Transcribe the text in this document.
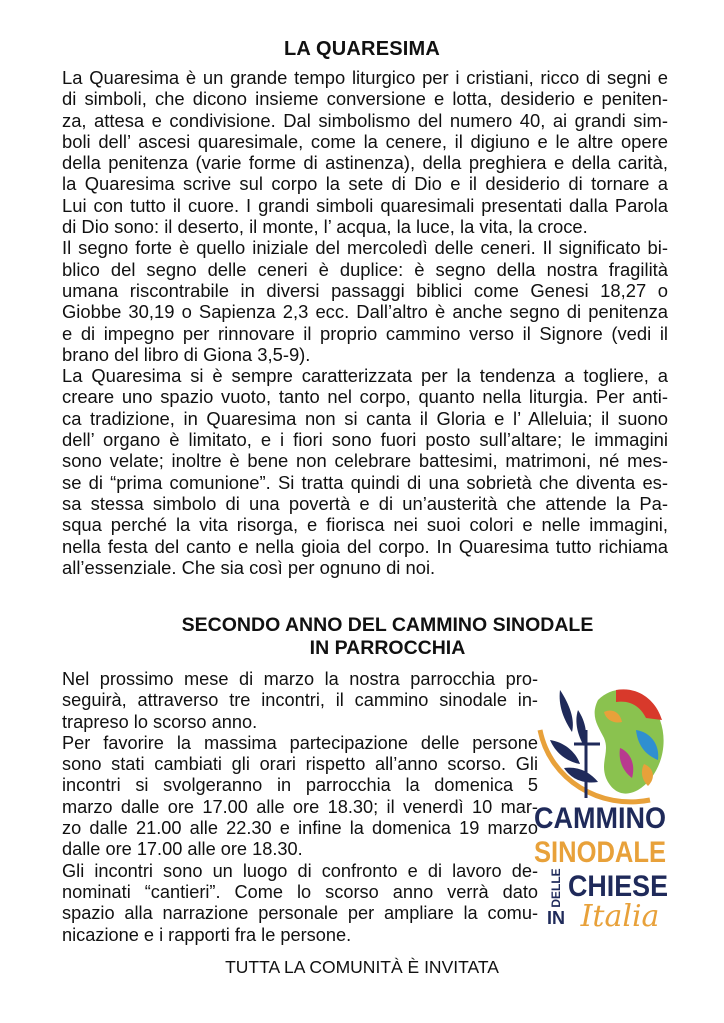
LA QUARESIMA
La Quaresima è un grande tempo liturgico per i cristiani, ricco di segni e
di simboli, che dicono insieme conversione e lotta, desiderio e peniten-
za, attesa e condivisione. Dal simbolismo del numero 40, ai grandi sim-
boli dell’ ascesi quaresimale, come la cenere, il digiuno e le altre opere
della penitenza (varie forme di astinenza), della preghiera e della carità,
la Quaresima scrive sul corpo la sete di Dio e il desiderio di tornare a
Lui con tutto il cuore. I grandi simboli quaresimali presentati dalla Parola
di Dio sono: il deserto, il monte, l’ acqua, la luce, la vita, la croce.
Il segno forte è quello iniziale del mercoledì delle ceneri. Il significato bi-
blico del segno delle ceneri è duplice: è segno della nostra fragilità
umana riscontrabile in diversi passaggi biblici come Genesi 18,27 o
Giobbe 30,19 o Sapienza 2,3 ecc. Dall’altro è anche segno di penitenza
e di impegno per rinnovare il proprio cammino verso il Signore (vedi il
brano del libro di Giona 3,5-9).
La Quaresima si è sempre caratterizzata per la tendenza a togliere, a
creare uno spazio vuoto, tanto nel corpo, quanto nella liturgia. Per anti-
ca tradizione, in Quaresima non si canta il Gloria e l’ Alleluia; il suono
dell’ organo è limitato, e i fiori sono fuori posto sull’altare; le immagini
sono velate; inoltre è bene non celebrare battesimi, matrimoni, né mes-
se di “prima comunione”. Si tratta quindi di una sobrietà che diventa es-
sa stessa simbolo di una povertà e di un’austerità che attende la Pa-
squa perché la vita risorga, e fiorisca nei suoi colori e nelle immagini,
nella festa del canto e nella gioia del corpo. In Quaresima tutto richiama
all’essenziale. Che sia così per ognuno di noi.
SECONDO ANNO DEL CAMMINO SINODALE
IN PARROCCHIA
Nel prossimo mese di marzo la nostra parrocchia pro-
seguirà, attraverso tre incontri, il cammino sinodale in-
trapreso lo scorso anno.
Per favorire la massima partecipazione delle persone
sono stati cambiati gli orari rispetto all’anno scorso. Gli
incontri si svolgeranno in parrocchia la domenica 5
marzo dalle ore 17.00 alle ore 18.30; il venerdì 10 mar-
zo dalle 21.00 alle 22.30 e infine la domenica 19 marzo
dalle ore 17.00 alle ore 18.30.
Gli incontri sono un luogo di confronto e di lavoro de-
nominati “cantieri”. Come lo scorso anno verrà dato
spazio alla narrazione personale per ampliare la comu-
nicazione e i rapporti fra le persone.
CAMMINO
SINODALE
DELLE CHIESE
IN Italia

TUTTA LA COMUNITÀ È INVITATA
